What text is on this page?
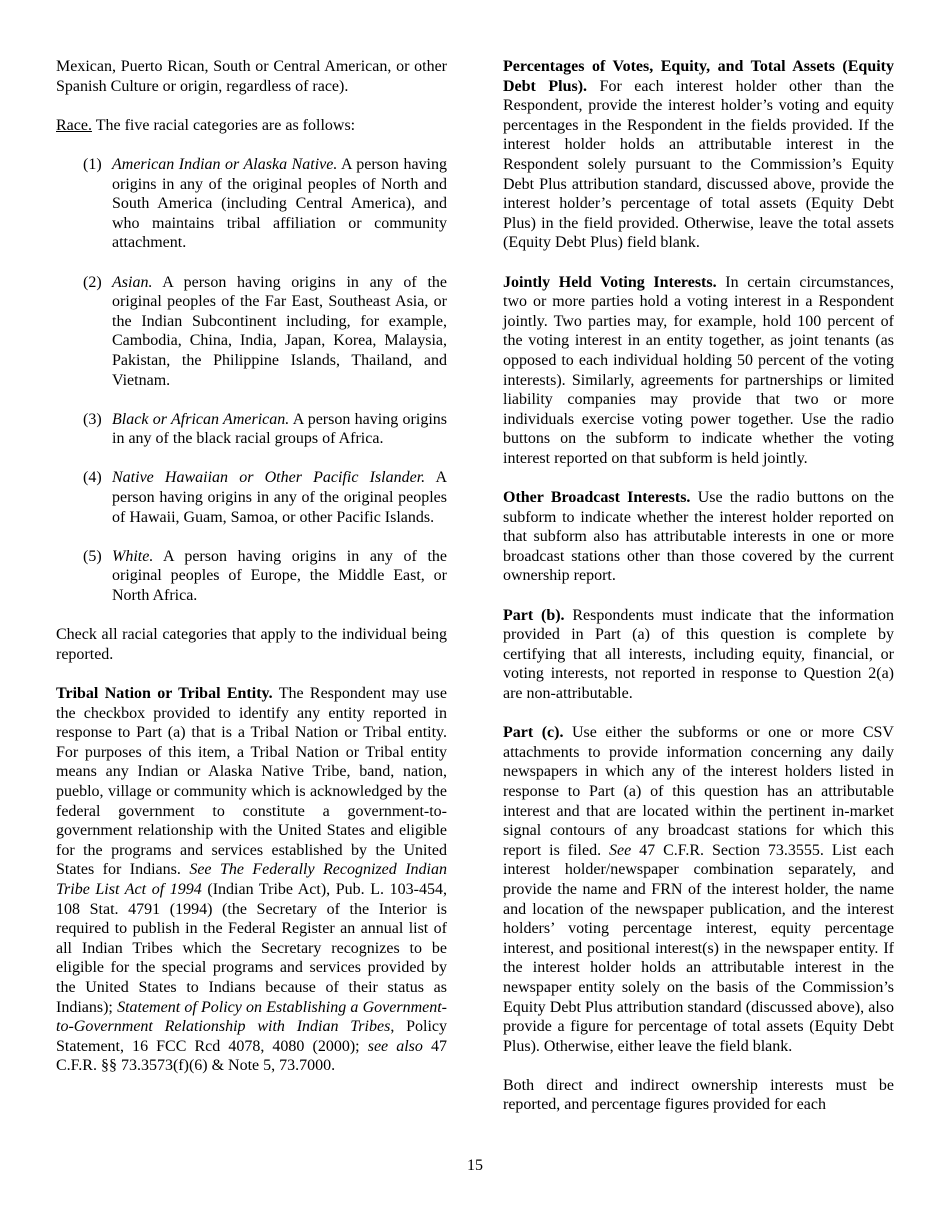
Mexican, Puerto Rican, South or Central American, or other Spanish Culture or origin, regardless of race).

Race. The five racial categories are as follows:

(1) American Indian or Alaska Native. A person having origins in any of the original peoples of North and South America (including Central America), and who maintains tribal affiliation or community attachment.
(2) Asian. A person having origins in any of the original peoples of the Far East, Southeast Asia, or the Indian Subcontinent including, for example, Cambodia, China, India, Japan, Korea, Malaysia, Pakistan, the Philippine Islands, Thailand, and Vietnam.
(3) Black or African American. A person having origins in any of the black racial groups of Africa.
(4) Native Hawaiian or Other Pacific Islander. A person having origins in any of the original peoples of Hawaii, Guam, Samoa, or other Pacific Islands.
(5) White. A person having origins in any of the original peoples of Europe, the Middle East, or North Africa.

Check all racial categories that apply to the individual being reported.

Tribal Nation or Tribal Entity. The Respondent may use the checkbox provided to identify any entity reported in response to Part (a) that is a Tribal Nation or Tribal entity. For purposes of this item, a Tribal Nation or Tribal entity means any Indian or Alaska Native Tribe, band, nation, pueblo, village or community which is acknowledged by the federal government to constitute a government-to-government relationship with the United States and eligible for the programs and services established by the United States for Indians. See The Federally Recognized Indian Tribe List Act of 1994 (Indian Tribe Act), Pub. L. 103-454, 108 Stat. 4791 (1994) (the Secretary of the Interior is required to publish in the Federal Register an annual list of all Indian Tribes which the Secretary recognizes to be eligible for the special programs and services provided by the United States to Indians because of their status as Indians); Statement of Policy on Establishing a Government-to-Government Relationship with Indian Tribes, Policy Statement, 16 FCC Rcd 4078, 4080 (2000); see also 47 C.F.R. §§ 73.3573(f)(6) & Note 5, 73.7000.

Percentages of Votes, Equity, and Total Assets (Equity Debt Plus). For each interest holder other than the Respondent, provide the interest holder’s voting and equity percentages in the Respondent in the fields provided. If the interest holder holds an attributable interest in the Respondent solely pursuant to the Commission’s Equity Debt Plus attribution standard, discussed above, provide the interest holder’s percentage of total assets (Equity Debt Plus) in the field provided. Otherwise, leave the total assets (Equity Debt Plus) field blank.

Jointly Held Voting Interests. In certain circumstances, two or more parties hold a voting interest in a Respondent jointly. Two parties may, for example, hold 100 percent of the voting interest in an entity together, as joint tenants (as opposed to each individual holding 50 percent of the voting interests). Similarly, agreements for partnerships or limited liability companies may provide that two or more individuals exercise voting power together. Use the radio buttons on the subform to indicate whether the voting interest reported on that subform is held jointly.

Other Broadcast Interests. Use the radio buttons on the subform to indicate whether the interest holder reported on that subform also has attributable interests in one or more broadcast stations other than those covered by the current ownership report.

Part (b). Respondents must indicate that the information provided in Part (a) of this question is complete by certifying that all interests, including equity, financial, or voting interests, not reported in response to Question 2(a) are non-attributable.

Part (c). Use either the subforms or one or more CSV attachments to provide information concerning any daily newspapers in which any of the interest holders listed in response to Part (a) of this question has an attributable interest and that are located within the pertinent in-market signal contours of any broadcast stations for which this report is filed. See 47 C.F.R. Section 73.3555. List each interest holder/newspaper combination separately, and provide the name and FRN of the interest holder, the name and location of the newspaper publication, and the interest holders’ voting percentage interest, equity percentage interest, and positional interest(s) in the newspaper entity. If the interest holder holds an attributable interest in the newspaper entity solely on the basis of the Commission’s Equity Debt Plus attribution standard (discussed above), also provide a figure for percentage of total assets (Equity Debt Plus). Otherwise, either leave the field blank.

Both direct and indirect ownership interests must be reported, and percentage figures provided for each

15
